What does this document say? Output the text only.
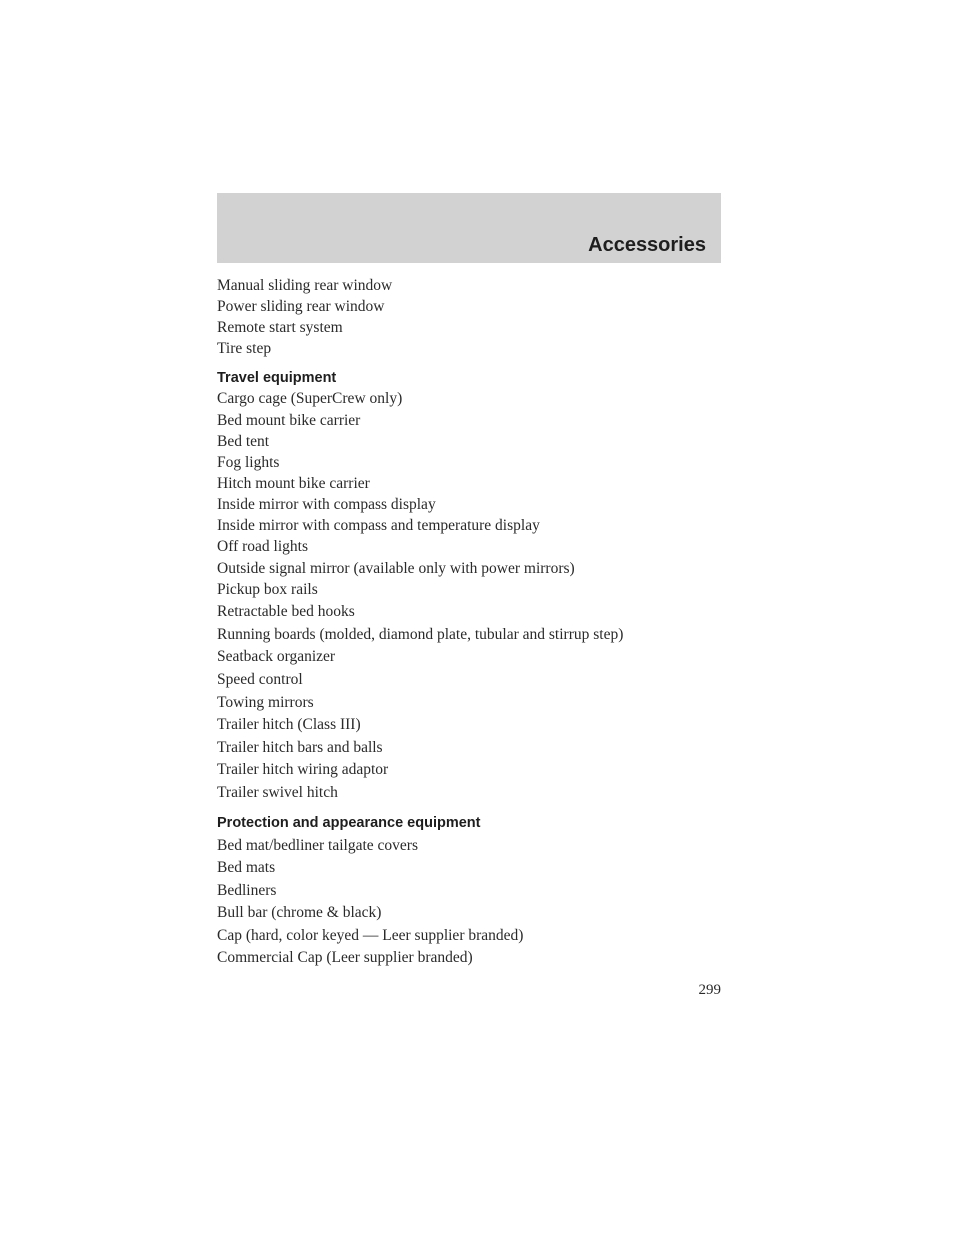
Accessories
Manual sliding rear window
Power sliding rear window
Remote start system
Tire step
Travel equipment
Cargo cage (SuperCrew only)
Bed mount bike carrier
Bed tent
Fog lights
Hitch mount bike carrier
Inside mirror with compass display
Inside mirror with compass and temperature display
Off road lights
Outside signal mirror (available only with power mirrors)
Pickup box rails
Retractable bed hooks
Running boards (molded, diamond plate, tubular and stirrup step)
Seatback organizer
Speed control
Towing mirrors
Trailer hitch (Class III)
Trailer hitch bars and balls
Trailer hitch wiring adaptor
Trailer swivel hitch
Protection and appearance equipment
Bed mat/bedliner tailgate covers
Bed mats
Bedliners
Bull bar (chrome & black)
Cap (hard, color keyed — Leer supplier branded)
Commercial Cap (Leer supplier branded)
299
